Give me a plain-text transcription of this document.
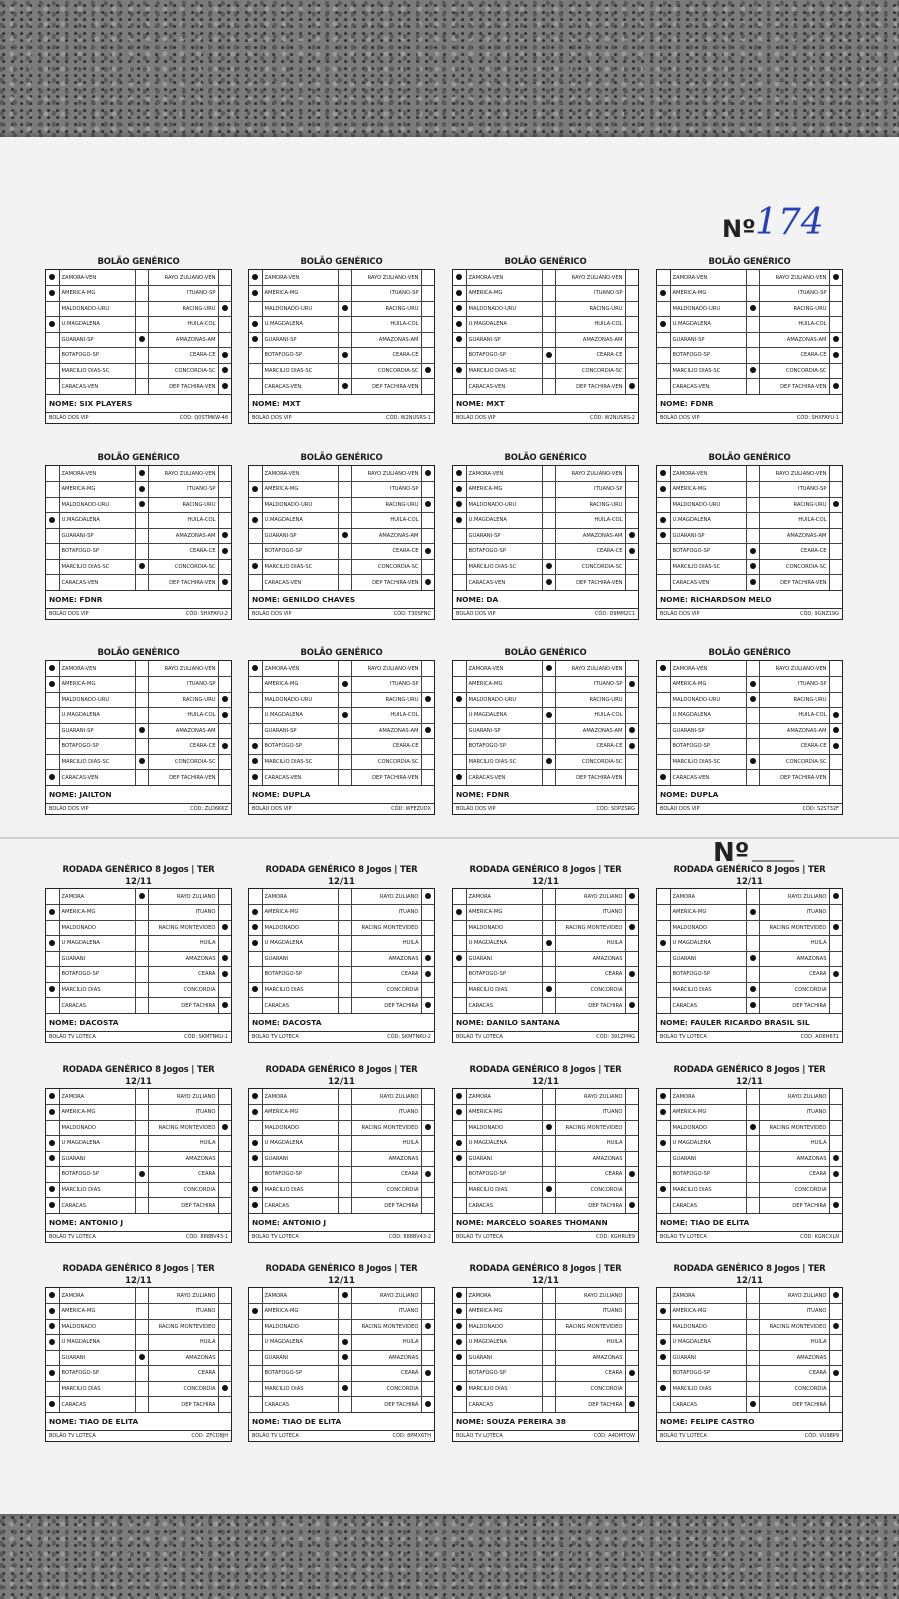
Nº 174
Nº ______
BOLÃO GENÉRICO
	ZAMORA-VEN		RAYO ZULIANO-VEN	
	AMERICA-MG		ITUANO-SP	
	MALDONADO-URU		RACING-URU	
	U.MAGDALENA		HUILA-COL	
	GUARANI-SP		AMAZONAS-AM	
	BOTAFOGO-SP		CEARA-CE	
	MARCILIO DIAS-SC		CONCORDIA-SC	
	CARACAS-VEN		DEP TACHIRA-VEN	
NOME: SIX PLAYERS
BOLÃO DOS VIP	CÓD: Q0STMKW-48
BOLÃO GENÉRICO
	ZAMORA-VEN		RAYO ZULIANO-VEN	
	AMERICA-MG		ITUANO-SP	
	MALDONADO-URU		RACING-URU	
	U.MAGDALENA		HUILA-COL	
	GUARANI-SP		AMAZONAS-AM	
	BOTAFOGO-SP		CEARA-CE	
	MARCILIO DIAS-SC		CONCORDIA-SC	
	CARACAS-VEN		DEP TACHIRA-VEN	
NOME: MXT
BOLÃO DOS VIP	CÓD: W2NUSRS-1
BOLÃO GENÉRICO
	ZAMORA-VEN		RAYO ZULIANO-VEN	
	AMERICA-MG		ITUANO-SP	
	MALDONADO-URU		RACING-URU	
	U.MAGDALENA		HUILA-COL	
	GUARANI-SP		AMAZONAS-AM	
	BOTAFOGO-SP		CEARA-CE	
	MARCILIO DIAS-SC		CONCORDIA-SC	
	CARACAS-VEN		DEP TACHIRA-VEN	
NOME: MXT
BOLÃO DOS VIP	CÓD: W2NUSRS-2
BOLÃO GENÉRICO
	ZAMORA-VEN		RAYO ZULIANO-VEN	
	AMERICA-MG		ITUANO-SP	
	MALDONADO-URU		RACING-URU	
	U.MAGDALENA		HUILA-COL	
	GUARANI-SP		AMAZONAS-AM	
	BOTAFOGO-SP		CEARA-CE	
	MARCILIO DIAS-SC		CONCORDIA-SC	
	CARACAS-VEN		DEP TACHIRA-VEN	
NOME: FDNR
BOLÃO DOS VIP	CÓD: SHXFAYU-1
BOLÃO GENÉRICO
	ZAMORA-VEN		RAYO ZULIANO-VEN	
	AMERICA-MG		ITUANO-SP	
	MALDONADO-URU		RACING-URU	
	U.MAGDALENA		HUILA-COL	
	GUARANI-SP		AMAZONAS-AM	
	BOTAFOGO-SP		CEARA-CE	
	MARCILIO DIAS-SC		CONCORDIA-SC	
	CARACAS-VEN		DEP TACHIRA-VEN	
NOME: FDNR
BOLÃO DOS VIP	CÓD: SHXFAYU-2
BOLÃO GENÉRICO
	ZAMORA-VEN		RAYO ZULIANO-VEN	
	AMERICA-MG		ITUANO-SP	
	MALDONADO-URU		RACING-URU	
	U.MAGDALENA		HUILA-COL	
	GUARANI-SP		AMAZONAS-AM	
	BOTAFOGO-SP		CEARA-CE	
	MARCILIO DIAS-SC		CONCORDIA-SC	
	CARACAS-VEN		DEP TACHIRA-VEN	
NOME: GENILDO CHAVES
BOLÃO DOS VIP	CÓD: T30SFNC
BOLÃO GENÉRICO
	ZAMORA-VEN		RAYO ZULIANO-VEN	
	AMERICA-MG		ITUANO-SP	
	MALDONADO-URU		RACING-URU	
	U.MAGDALENA		HUILA-COL	
	GUARANI-SP		AMAZONAS-AM	
	BOTAFOGO-SP		CEARA-CE	
	MARCILIO DIAS-SC		CONCORDIA-SC	
	CARACAS-VEN		DEP TACHIRA-VEN	
NOME: DA
BOLÃO DOS VIP	CÓD: D9MM2C1
BOLÃO GENÉRICO
	ZAMORA-VEN		RAYO ZULIANO-VEN	
	AMERICA-MG		ITUANO-SP	
	MALDONADO-URU		RACING-URU	
	U.MAGDALENA		HUILA-COL	
	GUARANI-SP		AMAZONAS-AM	
	BOTAFOGO-SP		CEARA-CE	
	MARCILIO DIAS-SC		CONCORDIA-SC	
	CARACAS-VEN		DEP TACHIRA-VEN	
NOME: RICHARDSON MELO
BOLÃO DOS VIP	CÓD: 9GNZ19G
BOLÃO GENÉRICO
	ZAMORA-VEN		RAYO ZULIANO-VEN	
	AMERICA-MG		ITUANO-SP	
	MALDONADO-URU		RACING-URU	
	U.MAGDALENA		HUILA-COL	
	GUARANI-SP		AMAZONAS-AM	
	BOTAFOGO-SP		CEARA-CE	
	MARCILIO DIAS-SC		CONCORDIA-SC	
	CARACAS-VEN		DEP TACHIRA-VEN	
NOME: JAILTON
BOLÃO DOS VIP	CÓD: ZLD6KKZ
BOLÃO GENÉRICO
	ZAMORA-VEN		RAYO ZULIANO-VEN	
	AMERICA-MG		ITUANO-SP	
	MALDONADO-URU		RACING-URU	
	U.MAGDALENA		HUILA-COL	
	GUARANI-SP		AMAZONAS-AM	
	BOTAFOGO-SP		CEARA-CE	
	MARCILIO DIAS-SC		CONCORDIA-SC	
	CARACAS-VEN		DEP TACHIRA-VEN	
NOME: DUPLA
BOLÃO DOS VIP	CÓD: WFEZUDX
BOLÃO GENÉRICO
	ZAMORA-VEN		RAYO ZULIANO-VEN	
	AMERICA-MG		ITUANO-SP	
	MALDONADO-URU		RACING-URU	
	U.MAGDALENA		HUILA-COL	
	GUARANI-SP		AMAZONAS-AM	
	BOTAFOGO-SP		CEARA-CE	
	MARCILIO DIAS-SC		CONCORDIA-SC	
	CARACAS-VEN		DEP TACHIRA-VEN	
NOME: FDNR
BOLÃO DOS VIP	CÓD: SDPZSRG
BOLÃO GENÉRICO
	ZAMORA-VEN		RAYO ZULIANO-VEN	
	AMERICA-MG		ITUANO-SP	
	MALDONADO-URU		RACING-URU	
	U.MAGDALENA		HUILA-COL	
	GUARANI-SP		AMAZONAS-AM	
	BOTAFOGO-SP		CEARA-CE	
	MARCILIO DIAS-SC		CONCORDIA-SC	
	CARACAS-VEN		DEP TACHIRA-VEN	
NOME: DUPLA
BOLÃO DOS VIP	CÓD: S2S732F
RODADA GENÉRICO 8 Jogos | TER
12/11
	ZAMORA		RAYO ZULIANO	
	AMERICA-MG		ITUANO	
	MALDONADO		RACING MONTEVIDEO	
	U MAGDALENA		HUILA	
	GUARANI		AMAZONAS	
	BOTAFOGO-SP		CEARA	
	MARCILIO DIAS		CONCORDIA	
	CARACAS		DEP TACHIRA	
NOME: DACOSTA
BOLÃO TV LOTECA	CÓD: SKMTNKU-1
RODADA GENÉRICO 8 Jogos | TER
12/11
	ZAMORA		RAYO ZULIANO	
	AMERICA-MG		ITUANO	
	MALDONADO		RACING MONTEVIDEO	
	U MAGDALENA		HUILA	
	GUARANI		AMAZONAS	
	BOTAFOGO-SP		CEARA	
	MARCILIO DIAS		CONCORDIA	
	CARACAS		DEP TACHIRA	
NOME: DACOSTA
BOLÃO TV LOTECA	CÓD: SKMTNKU-2
RODADA GENÉRICO 8 Jogos | TER
12/11
	ZAMORA		RAYO ZULIANO	
	AMERICA-MG		ITUANO	
	MALDONADO		RACING MONTEVIDEO	
	U MAGDALENA		HUILA	
	GUARANI		AMAZONAS	
	BOTAFOGO-SP		CEARA	
	MARCILIO DIAS		CONCORDIA	
	CARACAS		DEP TACHIRA	
NOME: DANILO SANTANA
BOLÃO TV LOTECA	CÓD: 391ZPMG
RODADA GENÉRICO 8 Jogos | TER
12/11
	ZAMORA		RAYO ZULIANO	
	AMERICA-MG		ITUANO	
	MALDONADO		RACING MONTEVIDEO	
	U MAGDALENA		HUILA	
	GUARANI		AMAZONAS	
	BOTAFOGO-SP		CEARA	
	MARCILIO DIAS		CONCORDIA	
	CARACAS		DEP TACHIRA	
NOME: FAULER RICARDO BRASIL SIL
BOLÃO TV LOTECA	CÓD: AD6H671
RODADA GENÉRICO 8 Jogos | TER
12/11
	ZAMORA		RAYO ZULIANO	
	AMERICA-MG		ITUANO	
	MALDONADO		RACING MONTEVIDEO	
	U MAGDALENA		HUILA	
	GUARANI		AMAZONAS	
	BOTAFOGO-SP		CEARA	
	MARCILIO DIAS		CONCORDIA	
	CARACAS		DEP TACHIRA	
NOME: ANTONIO J
BOLÃO TV LOTECA	CÓD: 888BV43-1
RODADA GENÉRICO 8 Jogos | TER
12/11
	ZAMORA		RAYO ZULIANO	
	AMERICA-MG		ITUANO	
	MALDONADO		RACING MONTEVIDEO	
	U MAGDALENA		HUILA	
	GUARANI		AMAZONAS	
	BOTAFOGO-SP		CEARA	
	MARCILIO DIAS		CONCORDIA	
	CARACAS		DEP TACHIRA	
NOME: ANTONIO J
BOLÃO TV LOTECA	CÓD: 888BV43-2
RODADA GENÉRICO 8 Jogos | TER
12/11
	ZAMORA		RAYO ZULIANO	
	AMERICA-MG		ITUANO	
	MALDONADO		RACING MONTEVIDEO	
	U MAGDALENA		HUILA	
	GUARANI		AMAZONAS	
	BOTAFOGO-SP		CEARA	
	MARCILIO DIAS		CONCORDIA	
	CARACAS		DEP TACHIRA	
NOME: MARCELO SOARES THOMANN
BOLÃO TV LOTECA	CÓD: KGHRUE9
RODADA GENÉRICO 8 Jogos | TER
12/11
	ZAMORA		RAYO ZULIANO	
	AMERICA-MG		ITUANO	
	MALDONADO		RACING MONTEVIDEO	
	U MAGDALENA		HUILA	
	GUARANI		AMAZONAS	
	BOTAFOGO-SP		CEARA	
	MARCILIO DIAS		CONCORDIA	
	CARACAS		DEP TACHIRA	
NOME: TIAO DE ELITA
BOLÃO TV LOTECA	CÓD: KGNCXLN
RODADA GENÉRICO 8 Jogos | TER
12/11
	ZAMORA		RAYO ZULIANO	
	AMERICA-MG		ITUANO	
	MALDONADO		RACING MONTEVIDEO	
	U MAGDALENA		HUILA	
	GUARANI		AMAZONAS	
	BOTAFOGO-SP		CEARA	
	MARCILIO DIAS		CONCORDIA	
	CARACAS		DEP TACHIRA	
NOME: TIAO DE ELITA
BOLÃO TV LOTECA	CÓD: ZFCD8JH
RODADA GENÉRICO 8 Jogos | TER
12/11
	ZAMORA		RAYO ZULIANO	
	AMERICA-MG		ITUANO	
	MALDONADO		RACING MONTEVIDEO	
	U MAGDALENA		HUILA	
	GUARANI		AMAZONAS	
	BOTAFOGO-SP		CEARA	
	MARCILIO DIAS		CONCORDIA	
	CARACAS		DEP TACHIRA	
NOME: TIAO DE ELITA
BOLÃO TV LOTECA	CÓD: 8PMX6TH
RODADA GENÉRICO 8 Jogos | TER
12/11
	ZAMORA		RAYO ZULIANO	
	AMERICA-MG		ITUANO	
	MALDONADO		RACING MONTEVIDEO	
	U MAGDALENA		HUILA	
	GUARANI		AMAZONAS	
	BOTAFOGO-SP		CEARA	
	MARCILIO DIAS		CONCORDIA	
	CARACAS		DEP TACHIRA	
NOME: SOUZA PEREIRA 38
BOLÃO TV LOTECA	CÓD: A4DMTQW
RODADA GENÉRICO 8 Jogos | TER
12/11
	ZAMORA		RAYO ZULIANO	
	AMERICA-MG		ITUANO	
	MALDONADO		RACING MONTEVIDEO	
	U MAGDALENA		HUILA	
	GUARANI		AMAZONAS	
	BOTAFOGO-SP		CEARA	
	MARCILIO DIAS		CONCORDIA	
	CARACAS		DEP TACHIRA	
NOME: FELIPE CASTRO
BOLÃO TV LOTECA	CÓD: VU98P9
